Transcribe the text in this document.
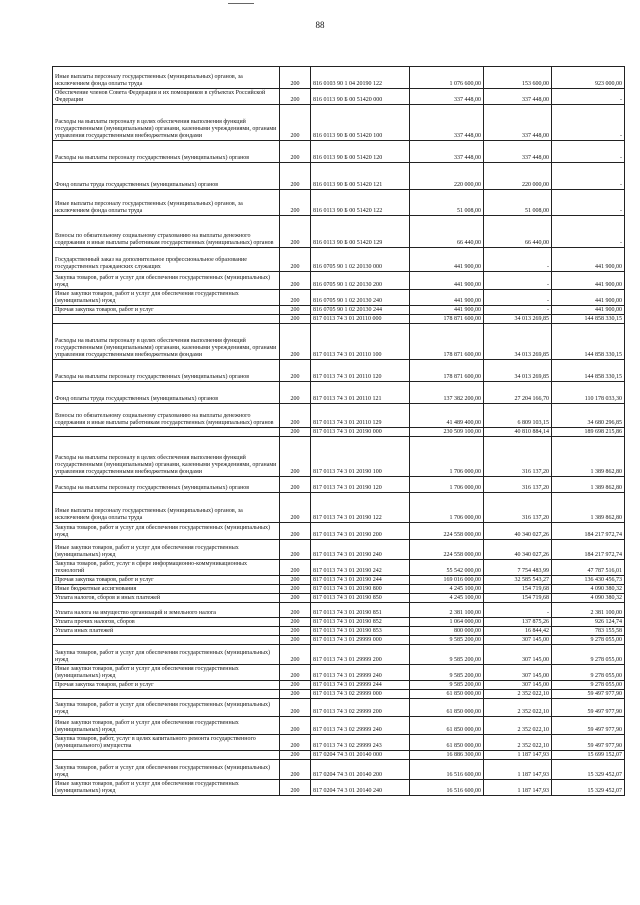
88
Иные выплаты персоналу государственных (муниципальных) органов, за исключением фонда оплаты труда	200	816 0103 90 1 04 20190 122	1 076 600,00	153 600,00	923 000,00
Обеспечение членов Совета Федерации и их помощников в субъектах Российской Федерации	200	816 0113 90 Б 00 51420 000	337 448,00	337 448,00	-
Расходы на выплаты персоналу в целях обеспечения выполнения функций государственными (муниципальными) органами, казенными учреждениями, органами управления государственными внебюджетными фондами	200	816 0113 90 Б 00 51420 100	337 448,00	337 448,00	-
Расходы на выплаты персоналу государственных (муниципальных) органов	200	816 0113 90 Б 00 51420 120	337 448,00	337 448,00	-
Фонд оплаты труда государственных (муниципальных) органов	200	816 0113 90 Б 00 51420 121	220 000,00	220 000,00	-
Иные выплаты персоналу государственных (муниципальных) органов, за исключением фонда оплаты труда	200	816 0113 90 Б 00 51420 122	51 008,00	51 008,00	-
Взносы по обязательному социальному страхованию на выплаты денежного содержания и иные выплаты работникам государственных (муниципальных) органов	200	816 0113 90 Б 00 51420 129	66 440,00	66 440,00	-
Государственный заказ на дополнительное профессиональное образование государственных гражданских служащих	200	816 0705 90 1 02 20130 000	441 900,00	-	441 900,00
Закупка товаров, работ и услуг для обеспечения государственных (муниципальных) нужд	200	816 0705 90 1 02 20130 200	441 900,00	-	441 900,00
Иные закупки товаров, работ и услуг для обеспечения государственных (муниципальных) нужд	200	816 0705 90 1 02 20130 240	441 900,00	-	441 900,00
Прочая закупка товаров, работ и услуг	200	816 0705 90 1 02 20130 244	441 900,00	-	441 900,00
	200	817 0113 74 3 01 20110 000	178 871 600,00	34 013 269,85	144 858 330,15
Расходы на выплаты персоналу в целях обеспечения выполнения функций государственными (муниципальными) органами, казенными учреждениями, органами управления государственными внебюджетными фондами	200	817 0113 74 3 01 20110 100	178 871 600,00	34 013 269,85	144 858 330,15
Расходы на выплаты персоналу государственных (муниципальных) органов	200	817 0113 74 3 01 20110 120	178 871 600,00	34 013 269,85	144 858 330,15
Фонд оплаты труда государственных (муниципальных) органов	200	817 0113 74 3 01 20110 121	137 382 200,00	27 204 166,70	110 178 033,30
Взносы по обязательному социальному страхованию на выплаты денежного содержания и иные выплаты работникам государственных (муниципальных) органов	200	817 0113 74 3 01 20110 129	41 489 400,00	6 809 103,15	34 680 296,85
	200	817 0113 74 3 01 20190 000	230 509 100,00	40 810 884,14	189 698 215,86
Расходы на выплаты персоналу в целях обеспечения выполнения функций государственными (муниципальными) органами, казенными учреждениями, органами управления государственными внебюджетными фондами	200	817 0113 74 3 01 20190 100	1 706 000,00	316 137,20	1 389 862,80
Расходы на выплаты персоналу государственных (муниципальных) органов	200	817 0113 74 3 01 20190 120	1 706 000,00	316 137,20	1 389 862,80
Иные выплаты персоналу государственных (муниципальных) органов, за исключением фонда оплаты труда	200	817 0113 74 3 01 20190 122	1 706 000,00	316 137,20	1 389 862,80
Закупка товаров, работ и услуг для обеспечения государственных (муниципальных) нужд	200	817 0113 74 3 01 20190 200	224 558 000,00	40 340 027,26	184 217 972,74
Иные закупки товаров, работ и услуг для обеспечения государственных (муниципальных) нужд	200	817 0113 74 3 01 20190 240	224 558 000,00	40 340 027,26	184 217 972,74
Закупка товаров, работ, услуг в сфере информационно-коммуникационных технологий	200	817 0113 74 3 01 20190 242	55 542 000,00	7 754 483,99	47 787 516,01
Прочая закупка товаров, работ и услуг	200	817 0113 74 3 01 20190 244	169 016 000,00	32 585 543,27	136 430 456,73
Иные бюджетные ассигнования	200	817 0113 74 3 01 20190 800	4 245 100,00	154 719,68	4 090 380,32
Уплата налогов, сборов и иных платежей	200	817 0113 74 3 01 20190 850	4 245 100,00	154 719,68	4 090 380,32
Уплата налога на имущество организаций и земельного налога	200	817 0113 74 3 01 20190 851	2 381 100,00	-	2 381 100,00
Уплата прочих налогов, сборов	200	817 0113 74 3 01 20190 852	1 064 000,00	137 875,26	926 124,74
Уплата иных платежей	200	817 0113 74 3 01 20190 853	800 000,00	16 844,42	783 155,58
	200	817 0113 74 3 01 29999 000	9 585 200,00	307 145,00	9 278 055,00
Закупка товаров, работ и услуг для обеспечения государственных (муниципальных) нужд	200	817 0113 74 3 01 29999 200	9 585 200,00	307 145,00	9 278 055,00
Иные закупки товаров, работ и услуг для обеспечения государственных (муниципальных) нужд	200	817 0113 74 3 01 29999 240	9 585 200,00	307 145,00	9 278 055,00
Прочая закупка товаров, работ и услуг	200	817 0113 74 3 01 29999 244	9 585 200,00	307 145,00	9 278 055,00
	200	817 0113 74 3 02 29999 000	61 850 000,00	2 352 022,10	59 497 977,90
Закупка товаров, работ и услуг для обеспечения государственных (муниципальных) нужд	200	817 0113 74 3 02 29999 200	61 850 000,00	2 352 022,10	59 497 977,90
Иные закупки товаров, работ и услуг для обеспечения государственных (муниципальных) нужд	200	817 0113 74 3 02 29999 240	61 850 000,00	2 352 022,10	59 497 977,90
Закупка товаров, работ, услуг в целях капитального ремонта государственного (муниципального) имущества	200	817 0113 74 3 02 29999 243	61 850 000,00	2 352 022,10	59 497 977,90
	200	817 0204 74 3 01 20140 000	16 886 300,00	1 187 147,93	15 699 152,07
Закупка товаров, работ и услуг для обеспечения государственных (муниципальных) нужд	200	817 0204 74 3 01 20140 200	16 516 600,00	1 187 147,93	15 329 452,07
Иные закупки товаров, работ и услуг для обеспечения государственных (муниципальных) нужд	200	817 0204 74 3 01 20140 240	16 516 600,00	1 187 147,93	15 329 452,07
